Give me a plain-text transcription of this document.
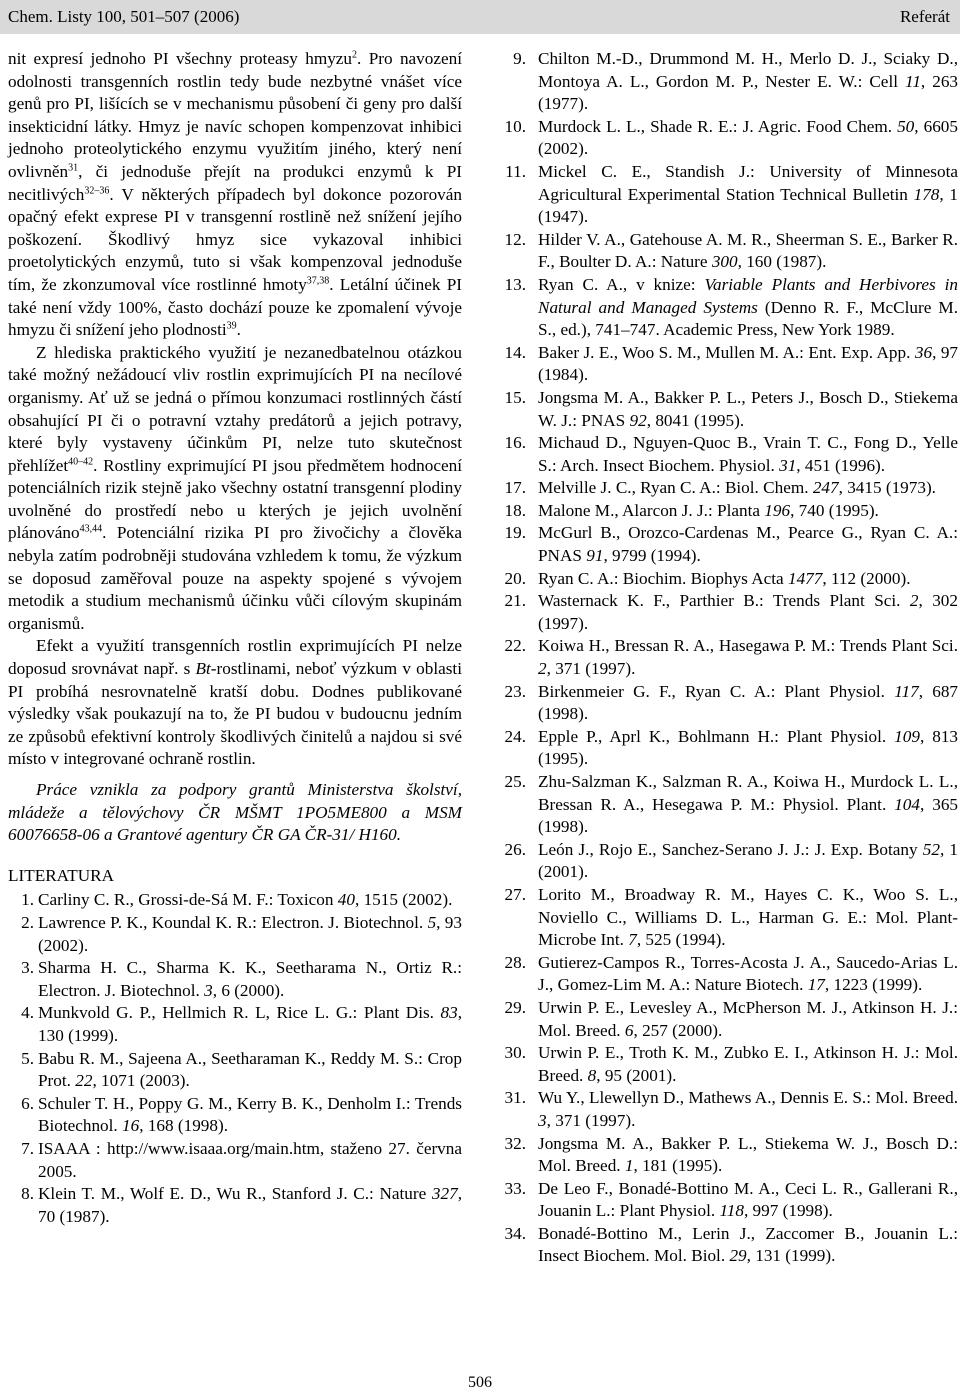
Chem. Listy 100, 501–507 (2006)	Referát

nit expresí jednoho PI všechny proteasy hmyzu$^2$. Pro navození odolnosti transgenních rostlin tedy bude nezbytné vnášet více genů pro PI, lišících se v mechanismu působení či geny pro další insekticidní látky. Hmyz je navíc schopen kompenzovat inhibici jednoho proteolytického enzymu využitím jiného, který není ovlivněn$^{31}$, či jednoduše přejít na produkci enzymů k PI necitlivých$^{32-36}$. V některých případech byl dokonce pozorován opačný efekt exprese PI v transgenní rostlině než snížení jejího poškození. Škodlivý hmyz sice vykazoval inhibici proetolytických enzymů, tuto si však kompenzoval jednoduše tím, že zkonzumoval více rostlinné hmoty$^{37,38}$. Letální účinek PI také není vždy 100%, často dochází pouze ke zpomalení vývoje hmyzu či snížení jeho plodnosti$^{39}$.

Z hlediska praktického využití je nezanedbatelnou otázkou také možný nežádoucí vliv rostlin exprimujících PI na necílové organismy. Ať už se jedná o přímou konzumaci rostlinných částí obsahující PI či o potravní vztahy predátorů a jejich potravy, které byly vystaveny účinkům PI, nelze tuto skutečnost přehlížet$^{40-42}$. Rostliny exprimující PI jsou předmětem hodnocení potenciálních rizik stejně jako všechny ostatní transgenní plodiny uvolněné do prostředí nebo u kterých je jejich uvolnění plánováno$^{43,44}$. Potenciální rizika PI pro živočichy a člověka nebyla zatím podrobněji studována vzhledem k tomu, že výzkum se doposud zaměřoval pouze na aspekty spojené s vývojem metodik a studium mechanismů účinku vůči cílovým skupinám organismů.

Efekt a využití transgenních rostlin exprimujících PI nelze doposud srovnávat např. s Bt-rostlinami, neboť výzkum v oblasti PI probíhá nesrovnatelně kratší dobu. Dodnes publikované výsledky však poukazují na to, že PI budou v budoucnu jedním ze způsobů efektivní kontroly škodlivých činitelů a najdou si své místo v integrované ochraně rostlin.

Práce vznikla za podpory grantů Ministerstva školství, mládeže a tělovýchovy ČR MŠMT 1PO5ME800 a MSM 60076658-06 a Grantové agentury ČR GA ČR-31/ H160.

LITERATURA
1. Carliny C. R., Grossi-de-Sá M. F.: Toxicon 40, 1515 (2002).
2. Lawrence P. K., Koundal K. R.: Electron. J. Biotechnol. 5, 93 (2002).
3. Sharma H. C., Sharma K. K., Seetharama N., Ortiz R.: Electron. J. Biotechnol. 3, 6 (2000).
4. Munkvold G. P., Hellmich R. L, Rice L. G.: Plant Dis. 83, 130 (1999).
5. Babu R. M., Sajeena A., Seetharaman K., Reddy M. S.: Crop Prot. 22, 1071 (2003).
6. Schuler T. H., Poppy G. M., Kerry B. K., Denholm I.: Trends Biotechnol. 16, 168 (1998).
7. ISAAA : http://www.isaaa.org/main.htm, staženo 27. června 2005.
8. Klein T. M., Wolf E. D., Wu R., Stanford J. C.: Nature 327, 70 (1987).
9. Chilton M.-D., Drummond M. H., Merlo D. J., Sciaky D., Montoya A. L., Gordon M. P., Nester E. W.: Cell 11, 263 (1977).
10. Murdock L. L., Shade R. E.: J. Agric. Food Chem. 50, 6605 (2002).
11. Mickel C. E., Standish J.: University of Minnesota Agricultural Experimental Station Technical Bulletin 178, 1 (1947).
12. Hilder V. A., Gatehouse A. M. R., Sheerman S. E., Barker R. F., Boulter D. A.: Nature 300, 160 (1987).
13. Ryan C. A., v knize: Variable Plants and Herbivores in Natural and Managed Systems (Denno R. F., McClure M. S., ed.), 741–747. Academic Press, New York 1989.
14. Baker J. E., Woo S. M., Mullen M. A.: Ent. Exp. App. 36, 97 (1984).
15. Jongsma M. A., Bakker P. L., Peters J., Bosch D., Stiekema W. J.: PNAS 92, 8041 (1995).
16. Michaud D., Nguyen-Quoc B., Vrain T. C., Fong D., Yelle S.: Arch. Insect Biochem. Physiol. 31, 451 (1996).
17. Melville J. C., Ryan C. A.: Biol. Chem. 247, 3415 (1973).
18. Malone M., Alarcon J. J.: Planta 196, 740 (1995).
19. McGurl B., Orozco-Cardenas M., Pearce G., Ryan C. A.: PNAS 91, 9799 (1994).
20. Ryan C. A.: Biochim. Biophys Acta 1477, 112 (2000).
21. Wasternack K. F., Parthier B.: Trends Plant Sci. 2, 302 (1997).
22. Koiwa H., Bressan R. A., Hasegawa P. M.: Trends Plant Sci. 2, 371 (1997).
23. Birkenmeier G. F., Ryan C. A.: Plant Physiol. 117, 687 (1998).
24. Epple P., Aprl K., Bohlmann H.: Plant Physiol. 109, 813 (1995).
25. Zhu-Salzman K., Salzman R. A., Koiwa H., Murdock L. L., Bressan R. A., Hesegawa P. M.: Physiol. Plant. 104, 365 (1998).
26. León J., Rojo E., Sanchez-Serano J. J.: J. Exp. Botany 52, 1 (2001).
27. Lorito M., Broadway R. M., Hayes C. K., Woo S. L., Noviello C., Williams D. L., Harman G. E.: Mol. Plant-Microbe Int. 7, 525 (1994).
28. Gutierez-Campos R., Torres-Acosta J. A., Saucedo-Arias L. J., Gomez-Lim M. A.: Nature Biotech. 17, 1223 (1999).
29. Urwin P. E., Levesley A., McPherson M. J., Atkinson H. J.: Mol. Breed. 6, 257 (2000).
30. Urwin P. E., Troth K. M., Zubko E. I., Atkinson H. J.: Mol. Breed. 8, 95 (2001).
31. Wu Y., Llewellyn D., Mathews A., Dennis E. S.: Mol. Breed. 3, 371 (1997).
32. Jongsma M. A., Bakker P. L., Stiekema W. J., Bosch D.: Mol. Breed. 1, 181 (1995).
33. De Leo F., Bonadé-Bottino M. A., Ceci L. R., Gallerani R., Jouanin L.: Plant Physiol. 118, 997 (1998).
34. Bonadé-Bottino M., Lerin J., Zaccomer B., Jouanin L.: Insect Biochem. Mol. Biol. 29, 131 (1999).
506
